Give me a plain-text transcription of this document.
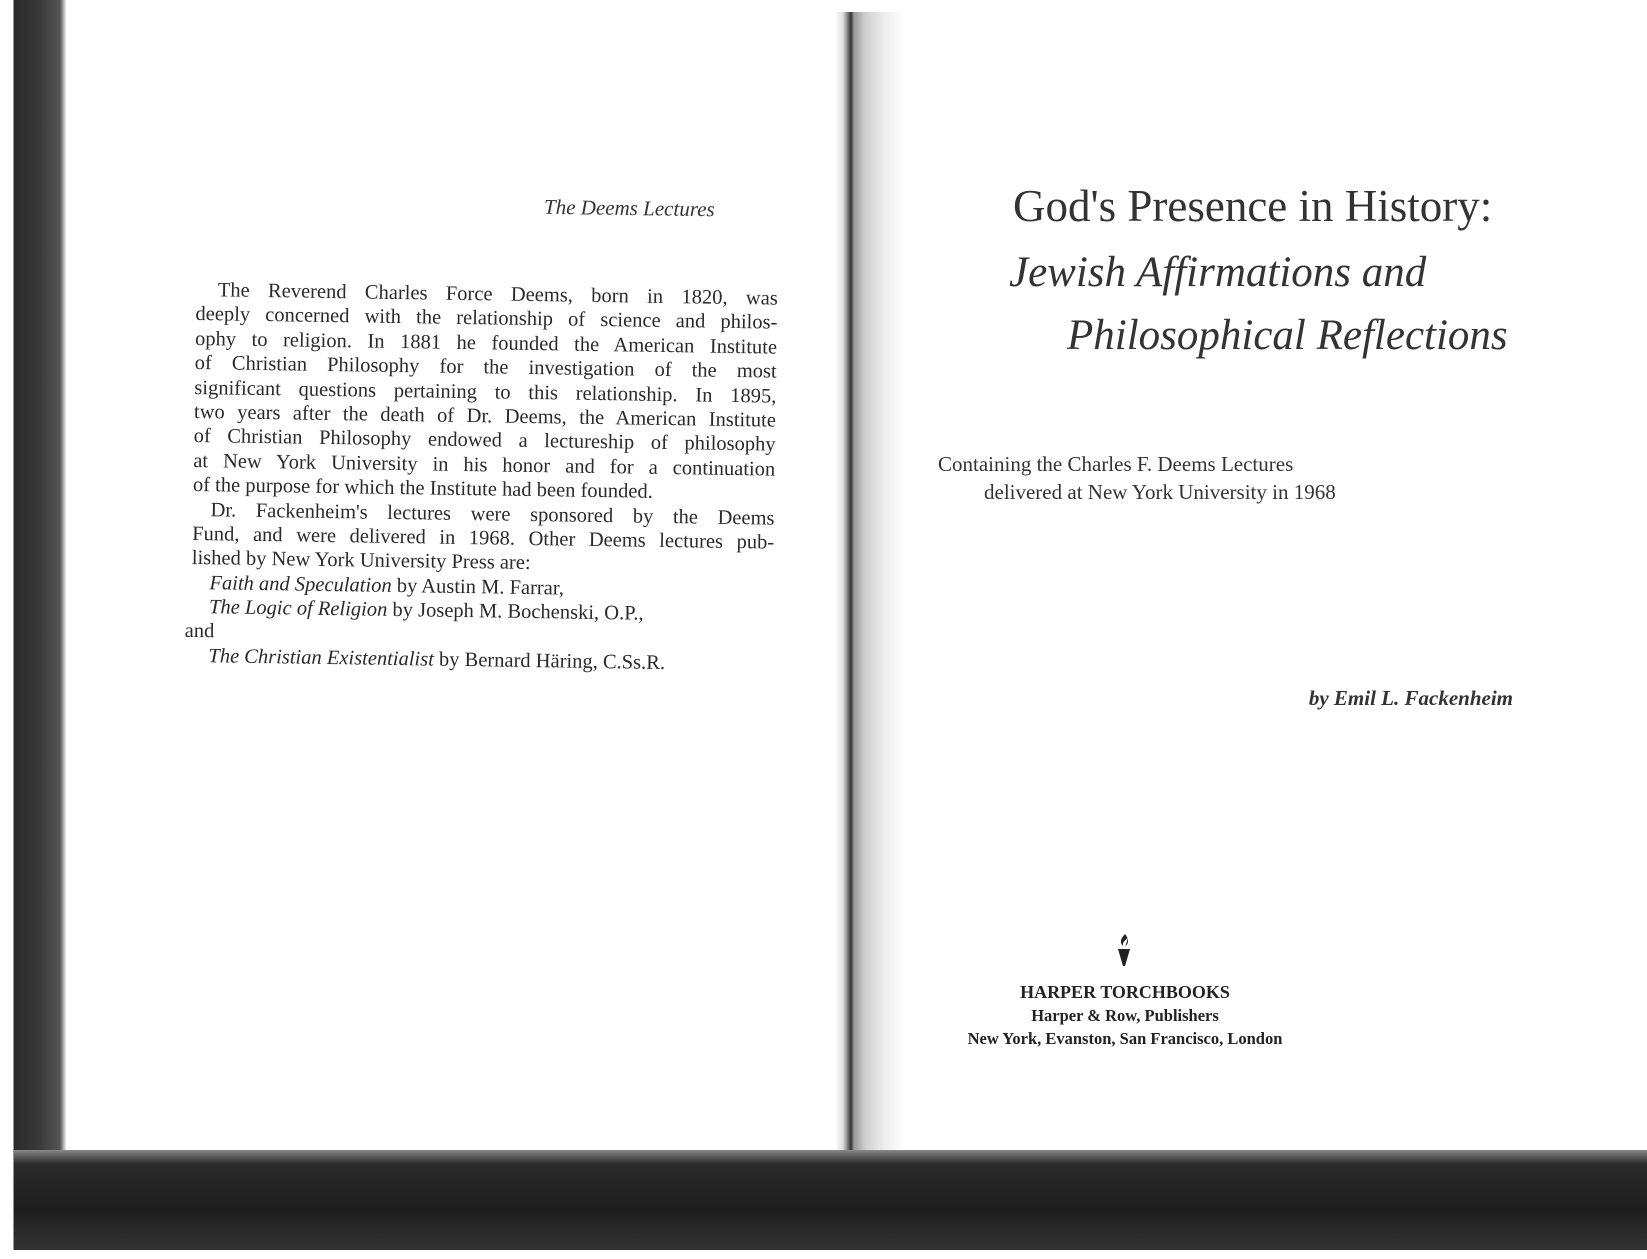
The Deems Lectures
The Reverend Charles Force Deems, born in 1820, was
deeply concerned with the relationship of science and philos-
ophy to religion. In 1881 he founded the American Institute
of Christian Philosophy for the investigation of the most
significant questions pertaining to this relationship. In 1895,
two years after the death of Dr. Deems, the American Institute
of Christian Philosophy endowed a lectureship of philosophy
at New York University in his honor and for a continuation
of the purpose for which the Institute had been founded.
Dr. Fackenheim's lectures were sponsored by the Deems
Fund, and were delivered in 1968. Other Deems lectures pub-
lished by New York University Press are:
Faith and Speculation by Austin M. Farrar,
The Logic of Religion by Joseph M. Bochenski, O.P.,
and
The Christian Existentialist by Bernard Häring, C.Ss.R.
God's Presence in History:
Jewish Affirmations and
Philosophical Reflections
Containing the Charles F. Deems Lectures
delivered at New York University in 1968
by Emil L. Fackenheim
HARPER TORCHBOOKS
Harper & Row, Publishers
New York, Evanston, San Francisco, London
